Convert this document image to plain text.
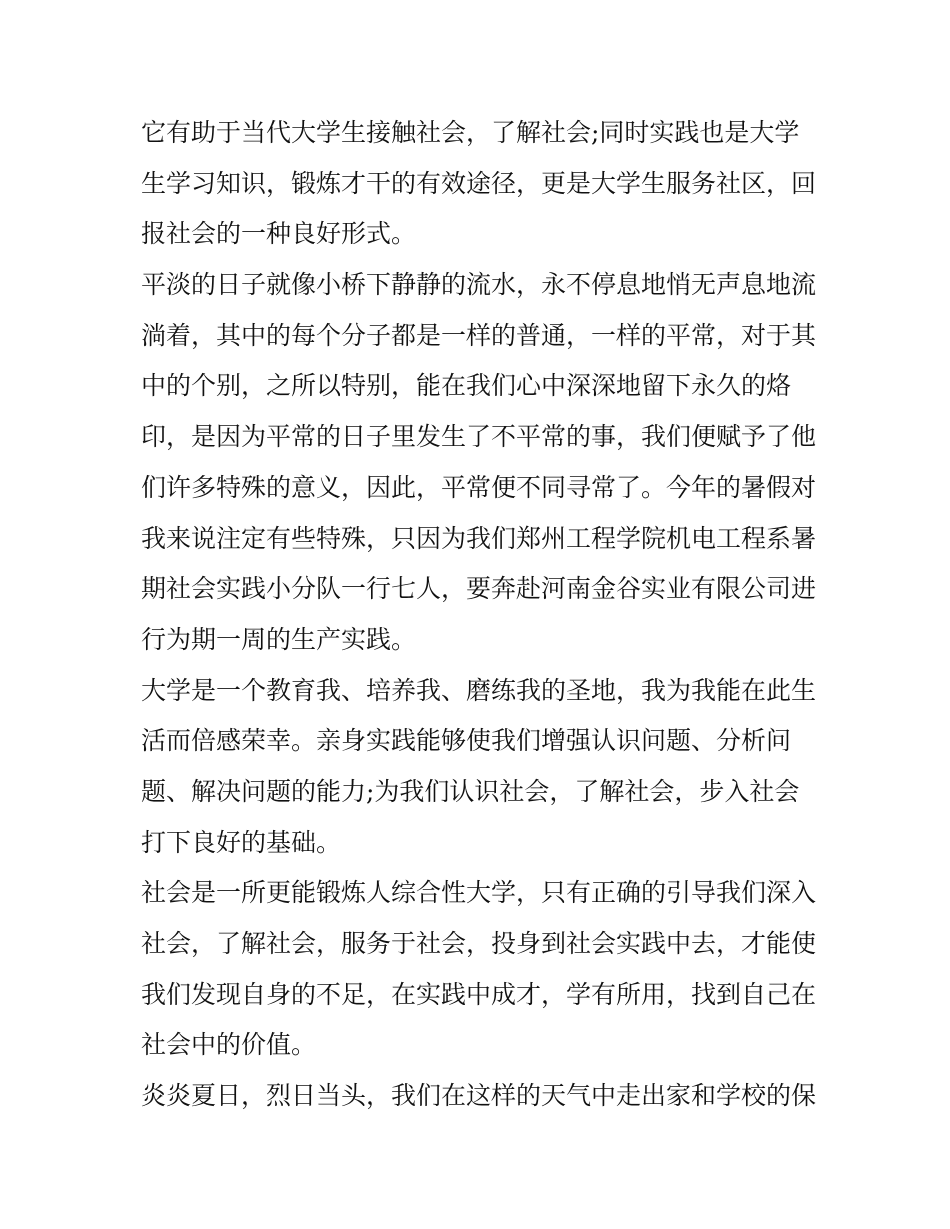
它有助于当代大学生接触社会，了解社会;同时实践也是大学
生学习知识，锻炼才干的有效途径，更是大学生服务社区，回
报社会的一种良好形式。
平淡的日子就像小桥下静静的流水，永不停息地悄无声息地流
淌着，其中的每个分子都是一样的普通，一样的平常，对于其
中的个别，之所以特别，能在我们心中深深地留下永久的烙
印，是因为平常的日子里发生了不平常的事，我们便赋予了他
们许多特殊的意义，因此，平常便不同寻常了。今年的暑假对
我来说注定有些特殊，只因为我们郑州工程学院机电工程系暑
期社会实践小分队一行七人，要奔赴河南金谷实业有限公司进
行为期一周的生产实践。
大学是一个教育我、培养我、磨练我的圣地，我为我能在此生
活而倍感荣幸。亲身实践能够使我们增强认识问题、分析问
题、解决问题的能力;为我们认识社会，了解社会，步入社会
打下良好的基础。
社会是一所更能锻炼人综合性大学，只有正确的引导我们深入
社会，了解社会，服务于社会，投身到社会实践中去，才能使
我们发现自身的不足，在实践中成才，学有所用，找到自己在
社会中的价值。
炎炎夏日，烈日当头，我们在这样的天气中走出家和学校的保
